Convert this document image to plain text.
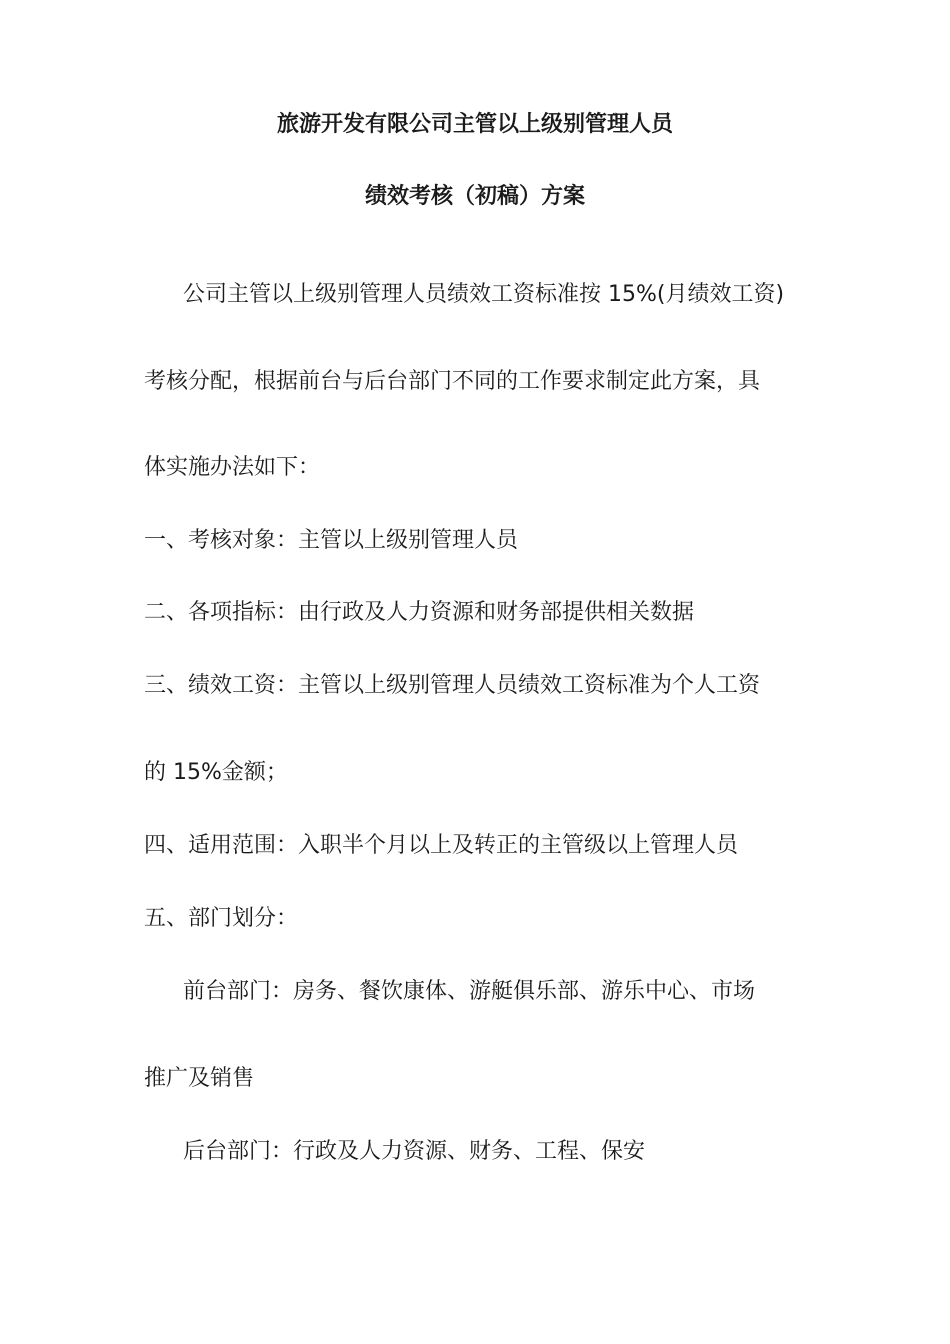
旅游开发有限公司主管以上级别管理人员
绩效考核（初稿）方案
公司主管以上级别管理人员绩效工资标准按 15%(月绩效工资)
考核分配，根据前台与后台部门不同的工作要求制定此方案，具
体实施办法如下：
一、考核对象：主管以上级别管理人员
二、各项指标：由行政及人力资源和财务部提供相关数据
三、绩效工资：主管以上级别管理人员绩效工资标准为个人工资
的 15%金额；
四、适用范围：入职半个月以上及转正的主管级以上管理人员
五、部门划分：
前台部门：房务、餐饮康体、游艇俱乐部、游乐中心、市场
推广及销售
后台部门：行政及人力资源、财务、工程、保安
